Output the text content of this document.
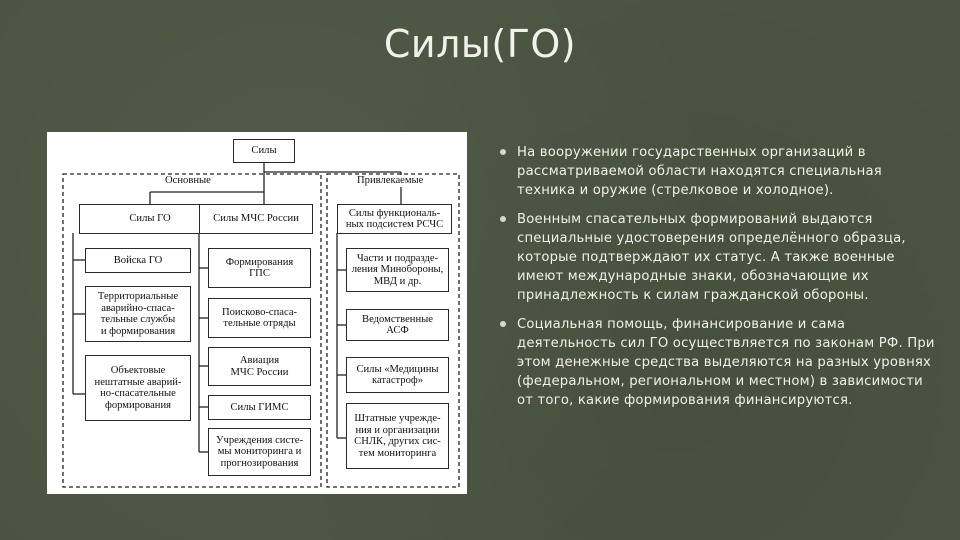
Силы(ГО)
Силы
Основные	Привлекаемые
Силы ГО
Войска ГО
Территориальные
аварийно-спаса-
тельные службы
и формирования
Объектовые
нештатные аварий-
но-спасательные
формирования
Силы МЧС России
Формирования
ГПС
Поисково-спаса-
тельные отряды
Авиация
МЧС России
Силы ГИМС
Учреждения систе-
мы мониторинга и
прогнозирования
Силы функциональ-
ных подсистем РСЧС
Части и подразде-
ления Минобороны,
МВД и др.
Ведомственные
АСФ
Силы «Медицины
катастроф»
Штатные учрежде-
ния и организации
СНЛК, других сис-
тем мониторинга
На вооружении государственных организаций в рассматриваемой области находятся специальная техника и оружие (стрелковое и холодное).
Военным спасательных формирований выдаются специальные удостоверения определённого образца, которые подтверждают их статус. А также военные имеют международные знаки, обозначающие их принадлежность к силам гражданской обороны.
Социальная помощь, финансирование и сама деятельность сил ГО осуществляется по законам РФ. При этом денежные средства выделяются на разных уровнях (федеральном, региональном и местном) в зависимости от того, какие формирования финансируются.
